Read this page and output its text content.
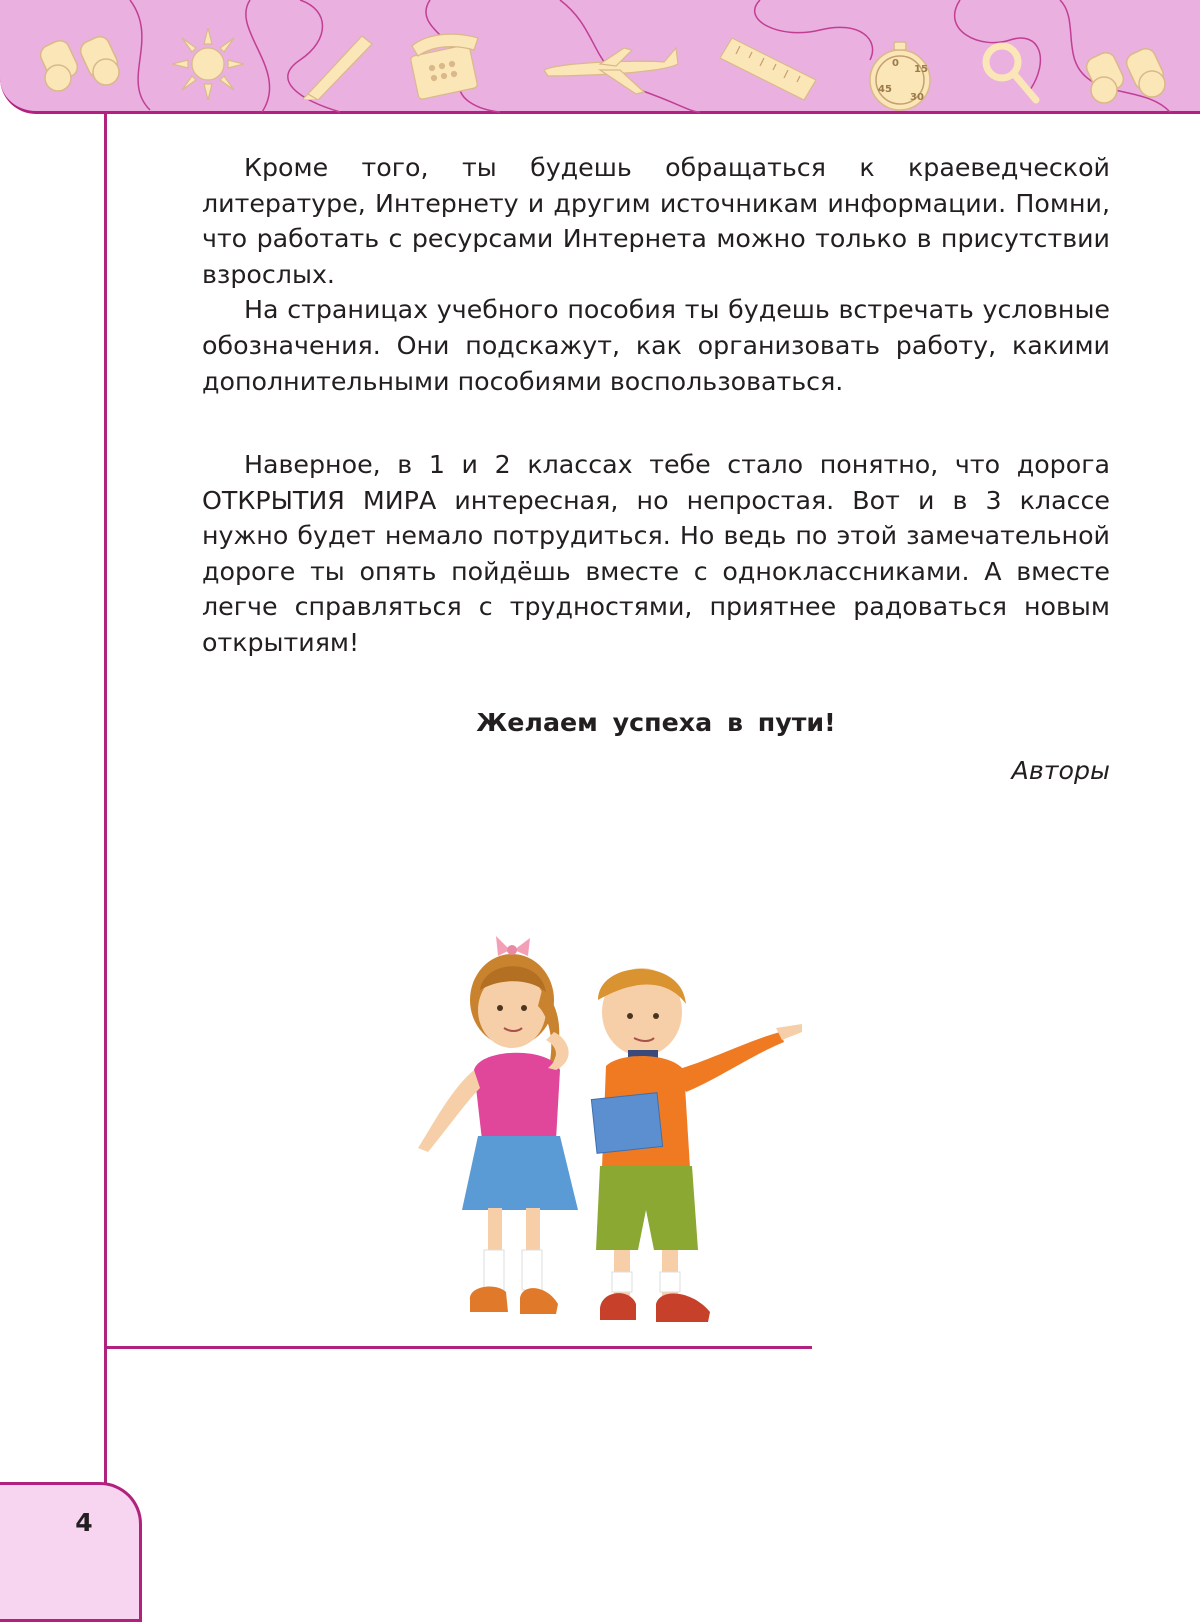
15
30
45
0

Кроме того, ты будешь обращаться к краеведческой литературе, Интернету и другим источникам информации. Помни, что работать с ресурсами Интернета можно только в присутствии взрослых.

На страницах учебного пособия ты будешь встречать условные обозначения. Они подскажут, как организовать работу, какими дополнительными пособиями воспользоваться.

Наверное, в 1 и 2 классах тебе стало понятно, что дорога ОТКРЫТИЯ МИРА интересная, но непростая. Вот и в 3 классе нужно будет немало потрудиться. Но ведь по этой замечательной дороге ты опять пойдёшь вместе с одноклассниками. А вместе легче справляться с трудностями, приятнее радоваться новым открытиям!

Желаем успеха в пути!
Авторы
4
